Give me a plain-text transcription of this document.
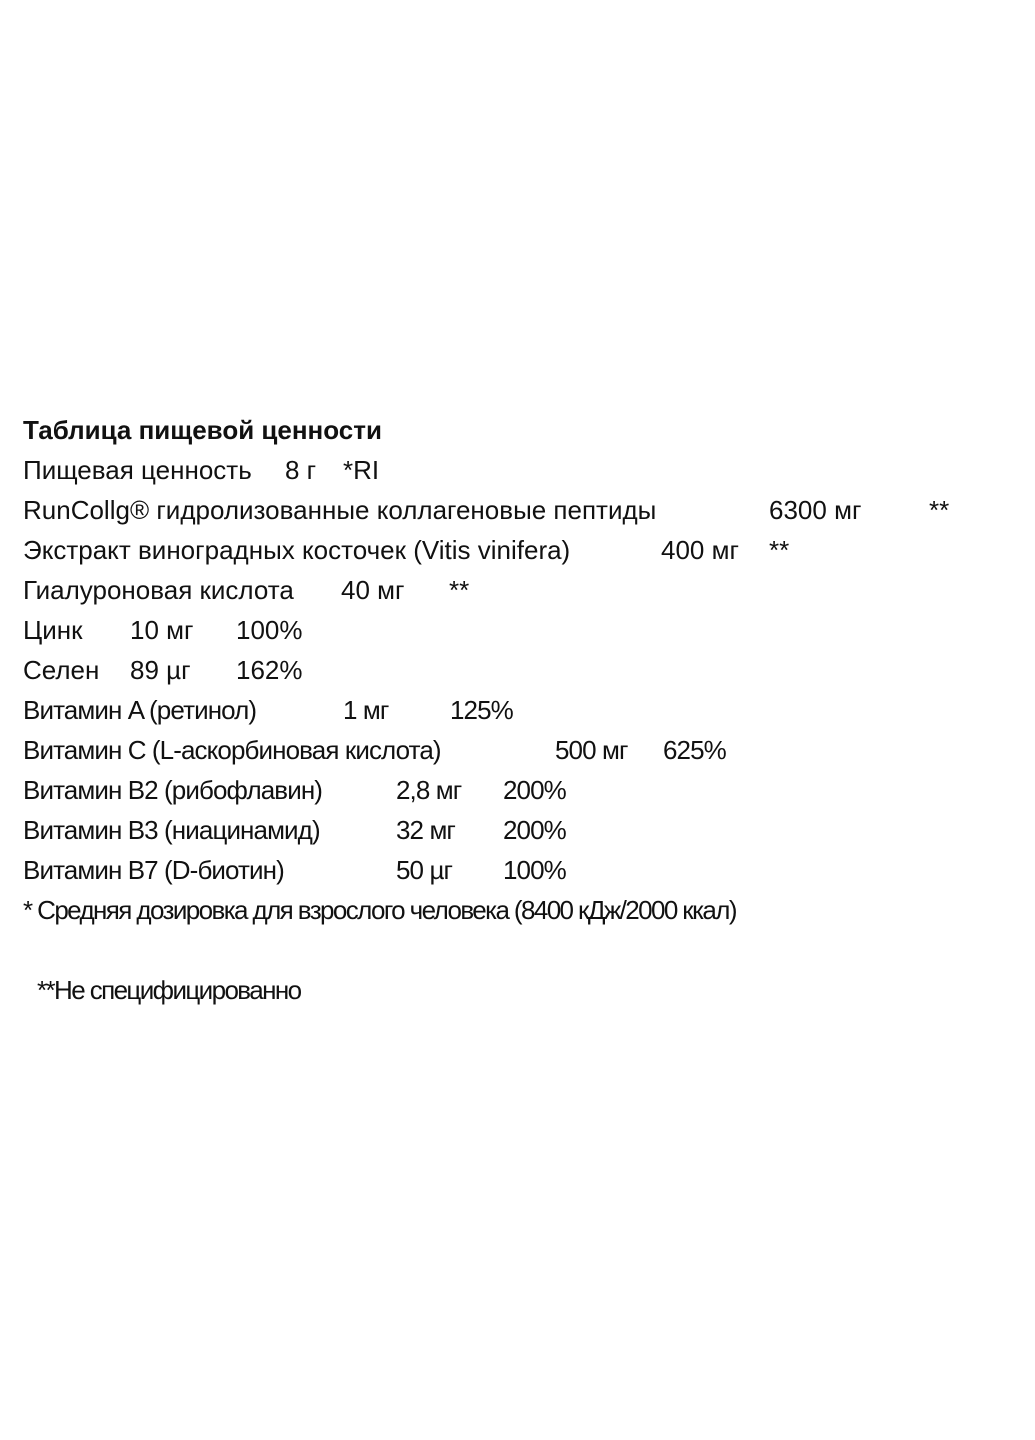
Таблица пищевой ценности
Пищевая ценность 8 г *RI
RunCollg® гидролизованные коллагеновые пептиды	6300 мг	**
Экстракт виноградных косточек (Vitis vinifera)	400 мг **
Гиалуроновая кислота 40 мг **
Цинк 10 мг 100%
Селен 89 µг 162%
Витамин A (ретинол)	1 мг 125%
Витамин C (L-аскорбиновая кислота)	500 мг 625%
Витамин B2 (рибофлавин)	2,8 мг 200%
Витамин B3 (ниацинамид)	32 мг 200%
Витамин B7 (D-биотин)	50 µг 100%
* Средняя дозировка для взрослого человека (8400 кДж/2000 ккал)
**Не специфицированно
